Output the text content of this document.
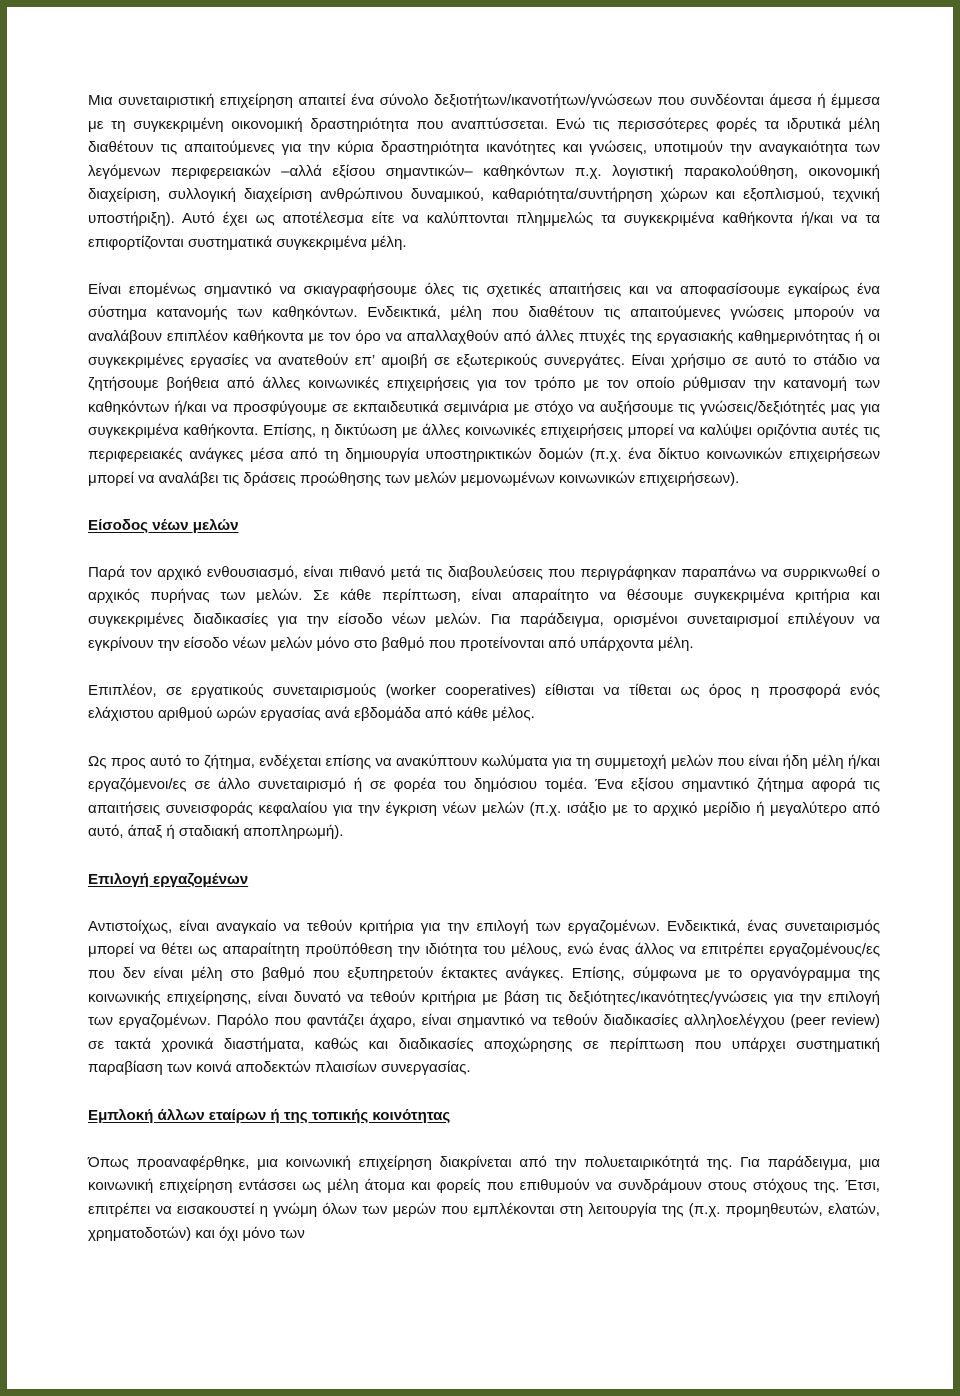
Μια συνεταιριστική επιχείρηση απαιτεί ένα σύνολο δεξιοτήτων/ικανοτήτων/γνώσεων που συνδέονται άμεσα ή έμμεσα με τη συγκεκριμένη οικονομική δραστηριότητα που αναπτύσσεται. Ενώ τις περισσότερες φορές τα ιδρυτικά μέλη διαθέτουν τις απαιτούμενες για την κύρια δραστηριότητα ικανότητες και γνώσεις, υποτιμούν την αναγκαιότητα των λεγόμενων περιφερειακών –αλλά εξίσου σημαντικών– καθηκόντων π.χ. λογιστική παρακολούθηση, οικονομική διαχείριση, συλλογική διαχείριση ανθρώπινου δυναμικού, καθαριότητα/συντήρηση χώρων και εξοπλισμού, τεχνική υποστήριξη). Αυτό έχει ως αποτέλεσμα είτε να καλύπτονται πλημμελώς τα συγκεκριμένα καθήκοντα ή/και να τα επιφορτίζονται συστηματικά συγκεκριμένα μέλη.

Είναι επομένως σημαντικό να σκιαγραφήσουμε όλες τις σχετικές απαιτήσεις και να αποφασίσουμε εγκαίρως ένα σύστημα κατανομής των καθηκόντων. Ενδεικτικά, μέλη που διαθέτουν τις απαιτούμενες γνώσεις μπορούν να αναλάβουν επιπλέον καθήκοντα με τον όρο να απαλλαχθούν από άλλες πτυχές της εργασιακής καθημερινότητας ή οι συγκεκριμένες εργασίες να ανατεθούν επ’ αμοιβή σε εξωτερικούς συνεργάτες. Είναι χρήσιμο σε αυτό το στάδιο να ζητήσουμε βοήθεια από άλλες κοινωνικές επιχειρήσεις για τον τρόπο με τον οποίο ρύθμισαν την κατανομή των καθηκόντων ή/και να προσφύγουμε σε εκπαιδευτικά σεμινάρια με στόχο να αυξήσουμε τις γνώσεις/δεξιότητές μας για συγκεκριμένα καθήκοντα. Επίσης, η δικτύωση με άλλες κοινωνικές επιχειρήσεις μπορεί να καλύψει οριζόντια αυτές τις περιφερειακές ανάγκες μέσα από τη δημιουργία υποστηρικτικών δομών (π.χ. ένα δίκτυο κοινωνικών επιχειρήσεων μπορεί να αναλάβει τις δράσεις προώθησης των μελών μεμονωμένων κοινωνικών επιχειρήσεων).

Είσοδος νέων μελών

Παρά τον αρχικό ενθουσιασμό, είναι πιθανό μετά τις διαβουλεύσεις που περιγράφηκαν παραπάνω να συρρικνωθεί ο αρχικός πυρήνας των μελών. Σε κάθε περίπτωση, είναι απαραίτητο να θέσουμε συγκεκριμένα κριτήρια και συγκεκριμένες διαδικασίες για την είσοδο νέων μελών. Για παράδειγμα, ορισμένοι συνεταιρισμοί επιλέγουν να εγκρίνουν την είσοδο νέων μελών μόνο στο βαθμό που προτείνονται από υπάρχοντα μέλη.

Επιπλέον, σε εργατικούς συνεταιρισμούς (worker cooperatives) είθισται να τίθεται ως όρος η προσφορά ενός ελάχιστου αριθμού ωρών εργασίας ανά εβδομάδα από κάθε μέλος.

Ως προς αυτό το ζήτημα, ενδέχεται επίσης να ανακύπτουν κωλύματα για τη συμμετοχή μελών που είναι ήδη μέλη ή/και εργαζόμενοι/ες σε άλλο συνεταιρισμό ή σε φορέα του δημόσιου τομέα. Ένα εξίσου σημαντικό ζήτημα αφορά τις απαιτήσεις συνεισφοράς κεφαλαίου για την έγκριση νέων μελών (π.χ. ισάξιο με το αρχικό μερίδιο ή μεγαλύτερο από αυτό, άπαξ ή σταδιακή αποπληρωμή).

Επιλογή εργαζομένων

Αντιστοίχως, είναι αναγκαίο να τεθούν κριτήρια για την επιλογή των εργαζομένων. Ενδεικτικά, ένας συνεταιρισμός μπορεί να θέτει ως απαραίτητη προϋπόθεση την ιδιότητα του μέλους, ενώ ένας άλλος να επιτρέπει εργαζομένους/ες που δεν είναι μέλη στο βαθμό που εξυπηρετούν έκτακτες ανάγκες. Επίσης, σύμφωνα με το οργανόγραμμα της κοινωνικής επιχείρησης, είναι δυνατό να τεθούν κριτήρια με βάση τις δεξιότητες/ικανότητες/γνώσεις για την επιλογή των εργαζομένων. Παρόλο που φαντάζει άχαρο, είναι σημαντικό να τεθούν διαδικασίες αλληλοελέγχου (peer review) σε τακτά χρονικά διαστήματα, καθώς και διαδικασίες αποχώρησης σε περίπτωση που υπάρχει συστηματική παραβίαση των κοινά αποδεκτών πλαισίων συνεργασίας.

Εμπλοκή άλλων εταίρων ή της τοπικής κοινότητας

Όπως προαναφέρθηκε, μια κοινωνική επιχείρηση διακρίνεται από την πολυεταιρικότητά της. Για παράδειγμα, μια κοινωνική επιχείρηση εντάσσει ως μέλη άτομα και φορείς που επιθυμούν να συνδράμουν στους στόχους της. Έτσι, επιτρέπει να εισακουστεί η γνώμη όλων των μερών που εμπλέκονται στη λειτουργία της (π.χ. προμηθευτών, ελατών, χρηματοδοτών) και όχι μόνο των
